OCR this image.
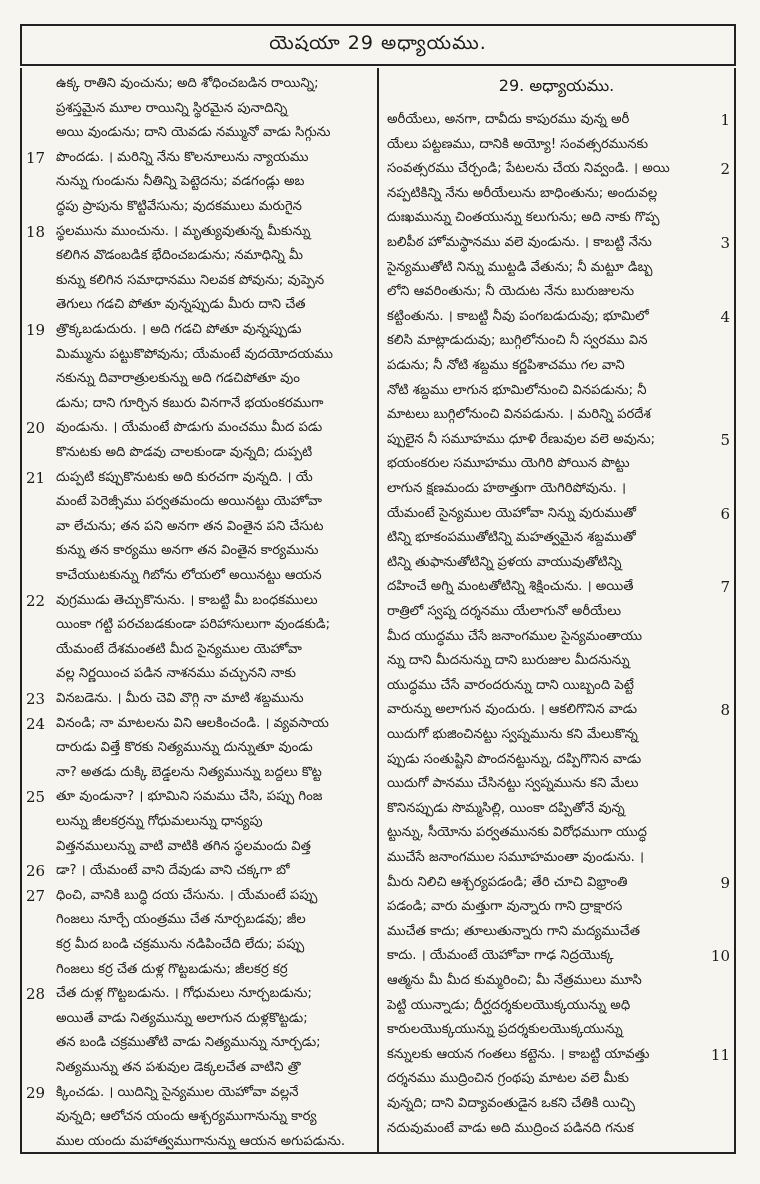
యెషయా 29 అధ్యాయము.
ఉక్క రాతిని వుంచును; అది శోధించబడిన రాయిన్ని;
ప్రశస్తమైన మూల రాయిన్ని స్థిరమైన పునాదిన్ని
అయి వుండును; దాని యెవడు నమ్మునో వాడు సిగ్గును
17 పొందడు. । మరిన్ని నేను కొలనూలును న్యాయము
నున్ను గుండును నీతిన్ని పెట్టెదను; వడగండ్లు అబ
ద్ధపు ప్రాపును కొట్టివేసును; వుదకములు మరుగైన
18 స్థలమును ముంచును. । మృత్యువుతున్న మీకున్ను
కలిగిన వొడంబడిక భేదించబడును; నమాధిన్ని మీ
కున్ను కలిగిన సమాధానము నిలవక పోవును; వుప్పెన
తెగులు గడచి పోతూ వున్నప్పుడు మీరు దాని చేత
19 త్రొక్కబడుదురు. । అది గడచి పోతూ వున్నప్పుడు
మిమ్మును పట్టుకొపోవును; యేమంటే వుదయోదయము
నకున్ను దివారాత్రులకున్ను అది గడచిపోతూ వుం
డును; దాని గూర్చిన కబురు వినగానే భయంకరముగా
20 వుండును. । యేమంటే పొడుగు మంచము మీద పడు
కొనుటకు అది పొడవు చాలకుండా వున్నది; దుప్పటి
21 దుప్పటి కప్పుకొనుటకు అది కురచగా వున్నది. । యే
మంటే పెరెజ్సీము పర్వతమందు అయినట్టు యెహోవా
వా లేచును; తన పని అనగా తన వింతైన పని చేసుట
కున్ను తన కార్యము అనగా తన వింతైన కార్యమును
కాచేయుటకున్ను గిబోను లోయలో అయినట్టు ఆయన
22 వుగ్రముడు తెచ్చుకొనును. । కాబట్టి మీ బంధకములు
యింకా గట్టి పరచబడకుండా పరిహాసులుగా వుండకుడి;
యేమంటే దేశమంతటి మీద సైన్యముల యెహోవా
వల్ల నిర్ణయించ పడిన నాశనము వచ్చునని నాకు
23 వినబడెను. । మీరు చెవి వొగ్గి నా మాటి శబ్దమును
24 వినండి; నా మాటలను విని ఆలకించండి. । వ్యవసాయ
దారుడు విత్తే కొరకు నిత్యమున్ను దున్నుతూ వుండు
నా? అతడు దుక్కి బెడ్డలను నిత్యమున్ను బద్దలు కొట్ట
25 తూ వుండునా? । భూమిని సమము చేసి, పప్పు గింజ
లున్ను జీలకర్రన్ను గోధుమలున్ను ధాన్యపు
విత్తనములున్ను వాటి వాటికి తగిన స్థలమందు విత్త
26 డా? । యేమంటే వాని దేవుడు వాని చక్కగా బో
27 ధించి, వానికి బుద్ధి దయ చేసును. । యేమంటే పప్పు
గింజలు నూర్చే యంత్రము చేత నూర్చబడవు; జీల
కర్ర మీద బండి చక్రమును నడిపించేది లేదు; పప్పు
గింజలు కర్ర చేత దుళ్ల గొట్టబడును; జీలకర్ర కర్ర
28 చేత దుళ్ల గొట్టబడును. । గోధుమలు నూర్చబడును;
అయితే వాడు నిత్యమున్ను అలాగున దుళ్లకొట్టడు;
తన బండి చక్రముతోటి వాడు నిత్యమున్ను నూర్చడు;
నిత్యమున్ను తన పశువుల డెక్కలచేత వాటిని త్రొ
29 క్కించడు. । యిదిన్ని సైన్యముల యెహోవా వల్లనే
వున్నది; ఆలోచన యందు ఆశ్చర్యముగానున్ను కార్య
ముల యందు మహాత్వముగానున్ను ఆయన అగుపడును.
29. అధ్యాయము.
1
అరీయేలు, అనగా, దావీదు కాపురము వున్న అరీ
యేలు పట్టణము, దానికి అయ్యో! సంవత్సరమునకు
2
సంవత్సరము చేర్చండి; పేటలను చేయ నివ్వండి. । అయి
నప్పటికిన్ని నేను అరీయేలును బాధింతును; అందువల్ల
దుఃఖమున్ను చింతయున్ను కలుగును; అది నాకు గొప్ప
3
బలిపీఠ హోమస్థానము వలె వుండును. । కాబట్టి నేను
సైన్యముతోటి నిన్ను ముట్టడి వేతును; నీ మట్టూ డిబ్బ
లోని ఆవరింతును; నీ యెదుట నేను బురుజులను
4
కట్టింతును. । కాబట్టి నీవు పంగబడుదువు; భూమిలో
కలిసి మాట్లాడుదువు; బుగ్గిలోనుంచి నీ స్వరము విన
పడును; నీ నోటి శబ్దము కర్ణపిశాచము గల వాని
నోటి శబ్దము లాగున భూమిలోనుంచి వినపడును; నీ
మాటలు బుగ్గిలోనుంచి వినపడును. । మరిన్ని పరదేశ
5
ప్పులైన నీ సమూహము ధూళి రేణువుల వలె అవును;
భయంకరుల సమూహము యెగిరి పోయిన పొట్టు
లాగున క్షణమందు హఠాత్తుగా యెగిరిపోవును. ।
6
యేమంటే సైన్యముల యెహోవా నిన్ను వురుముతో
టిన్ని భూకంపముతోటిన్ని మహత్వమైన శబ్దముతో
టిన్ని తుఫానుతోటిన్ని ప్రళయ వాయువుతోటిన్ని
7
దహించే అగ్ని మంటతోటిన్ని శిక్షించును. । అయితే
రాత్రిలో స్వప్న దర్శనము యేలాగునో అరీయేలు
మీద యుద్ధము చేసే జనాంగముల సైన్యమంతాయు
న్ను దాని మీదనున్ను దాని బురుజుల మీదనున్ను
యుద్ధము చేసే వారందరున్ను దాని యిబ్బంది పెట్టే
8
వారున్ను అలాగున వుందురు. । ఆకలిగొనిన వాడు
యిదుగో భుజించినట్టు స్వప్నమును కని మేలుకొన్న
ప్పుడు సంతుష్టిని పొందనట్టున్ను, దప్పిగొనిన వాడు
యిదుగో పానము చేసినట్టు స్వప్నమును కని మేలు
కొనినప్పుడు సొమ్మసిల్లి, యింకా దప్పితోనే వున్న
ట్టున్ను, సీయోను పర్వతమునకు విరోధముగా యుద్ధ
ముచేసే జనాంగముల సమూహమంతా వుండును. ।
9
మీరు నిలిచి ఆశ్చర్యపడండి; తేరి చూచి విభ్రాంతి
పడండి; వారు మత్తుగా వున్నారు గాని ద్రాక్షారస
ముచేత కాదు; తూలుతున్నారు గాని మద్యముచేత
10
కాదు. । యేమంటే యెహోవా గాఢ నిద్రయొక్క
ఆత్మను మీ మీద కుమ్మరించి; మీ నేత్రములు మూసి
పెట్టి యున్నాడు; దీర్ఘదర్శకులయొక్కయున్ను అధి
కారులయొక్కయున్ను ప్రదర్శకులయొక్కయున్ను
11
కన్నులకు ఆయన గంతలు కట్టెను. । కాబట్టి యావత్తు
దర్శనము ముద్రించిన గ్రంథపు మాటల వలె మీకు
వున్నది; దాని విద్యావంతుడైన ఒకని చేతికి యిచ్చి
నదువుమంటే వాడు అది ముద్రించ పడినది గనుక
